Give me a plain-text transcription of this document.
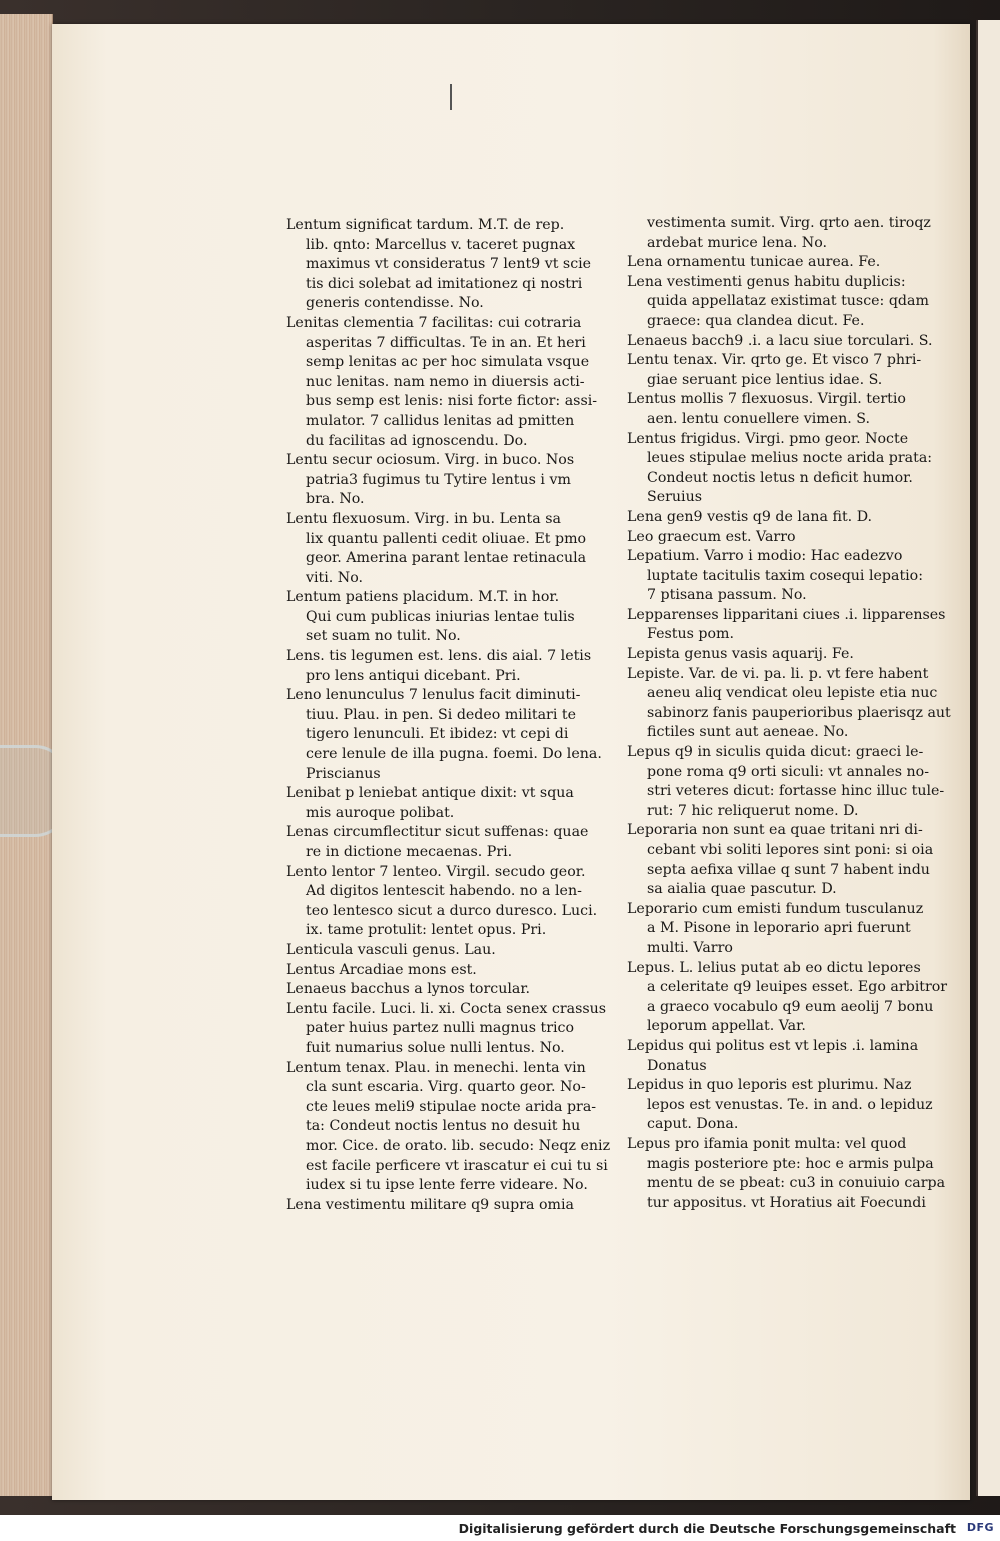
Lentum significat tardum. M.T. de rep.
lib. qnto: Marcellus v. taceret pugnax
maximus vt consideratus 7 lent9 vt scie
tis dici solebat ad imitationez qi nostri
generis contendisse. No.
Lenitas clementia 7 facilitas: cui cotraria
asperitas 7 difficultas. Te in an. Et heri
semp lenitas ac per hoc simulata vsque
nuc lenitas. nam nemo in diuersis acti-
bus semp est lenis: nisi forte fictor: assi-
mulator. 7 callidus lenitas ad pmitten
du facilitas ad ignoscendu. Do.
Lentu secur ociosum. Virg. in buco. Nos
patria3 fugimus tu Tytire lentus i vm
bra. No.
Lentu flexuosum. Virg. in bu. Lenta sa
lix quantu pallenti cedit oliuae. Et pmo
geor. Amerina parant lentae retinacula
viti. No.
Lentum patiens placidum. M.T. in hor.
Qui cum publicas iniurias lentae tulis
set suam no tulit. No.
Lens. tis legumen est. lens. dis aial. 7 letis
pro lens antiqui dicebant. Pri.
Leno lenunculus 7 lenulus facit diminuti-
tiuu. Plau. in pen. Si dedeo militari te
tigero lenunculi. Et ibidez: vt cepi di
cere lenule de illa pugna. foemi. Do lena.
Priscianus
Lenibat p leniebat antique dixit: vt squa
mis auroque polibat.
Lenas circumflectitur sicut suffenas: quae
re in dictione mecaenas. Pri.
Lento lentor 7 lenteo. Virgil. secudo geor.
Ad digitos lentescit habendo. no a len-
teo lentesco sicut a durco duresco. Luci.
ix. tame protulit: lentet opus. Pri.
Lenticula vasculi genus. Lau.
Lentus Arcadiae mons est.
Lenaeus bacchus a lynos torcular.
Lentu facile. Luci. li. xi. Cocta senex crassus
pater huius partez nulli magnus trico
fuit numarius solue nulli lentus. No.
Lentum tenax. Plau. in menechi. lenta vin
cla sunt escaria. Virg. quarto geor. No-
cte leues meli9 stipulae nocte arida pra-
ta: Condeut noctis lentus no desuit hu
mor. Cice. de orato. lib. secudo: Neqz eniz
est facile perficere vt irascatur ei cui tu si
iudex si tu ipse lente ferre videare. No.
Lena vestimentu militare q9 supra omia
vestimenta sumit. Virg. qrto aen. tiroqz
ardebat murice lena. No.
Lena ornamentu tunicae aurea. Fe.
Lena vestimenti genus habitu duplicis:
quida appellataz existimat tusce: qdam
graece: qua clandea dicut. Fe.
Lenaeus bacch9 .i. a lacu siue torculari. S.
Lentu tenax. Vir. qrto ge. Et visco 7 phri-
giae seruant pice lentius idae. S.
Lentus mollis 7 flexuosus. Virgil. tertio
aen. lentu conuellere vimen. S.
Lentus frigidus. Virgi. pmo geor. Nocte
leues stipulae melius nocte arida prata:
Condeut noctis letus n deficit humor.
Seruius
Lena gen9 vestis q9 de lana fit. D.
Leo graecum est. Varro
Lepatium. Varro i modio: Hac eadezvo
luptate tacitulis taxim cosequi lepatio:
7 ptisana passum. No.
Lepparenses lipparitani ciues .i. lipparenses
Festus pom.
Lepista genus vasis aquarij. Fe.
Lepiste. Var. de vi. pa. li. p. vt fere habent
aeneu aliq vendicat oleu lepiste etia nuc
sabinorz fanis pauperioribus plaerisqz aut
fictiles sunt aut aeneae. No.
Lepus q9 in siculis quida dicut: graeci le-
pone roma q9 orti siculi: vt annales no-
stri veteres dicut: fortasse hinc illuc tule-
rut: 7 hic reliquerut nome. D.
Leporaria non sunt ea quae tritani nri di-
cebant vbi soliti lepores sint poni: si oia
septa aefixa villae q sunt 7 habent indu
sa aialia quae pascutur. D.
Leporario cum emisti fundum tusculanuz
a M. Pisone in leporario apri fuerunt
multi. Varro
Lepus. L. lelius putat ab eo dictu lepores
a celeritate q9 leuipes esset. Ego arbitror
a graeco vocabulo q9 eum aeolij 7 bonu
leporum appellat. Var.
Lepidus qui politus est vt lepis .i. lamina
Donatus
Lepidus in quo leporis est plurimu. Naz
lepos est venustas. Te. in and. o lepiduz
caput. Dona.
Lepus pro ifamia ponit multa: vel quod
magis posteriore pte: hoc e armis pulpa
mentu de se pbeat: cu3 in conuiuio carpa
tur appositus. vt Horatius ait Foecundi
Digitalisierung gefördert durch die Deutsche Forschungsgemeinschaft DFG
